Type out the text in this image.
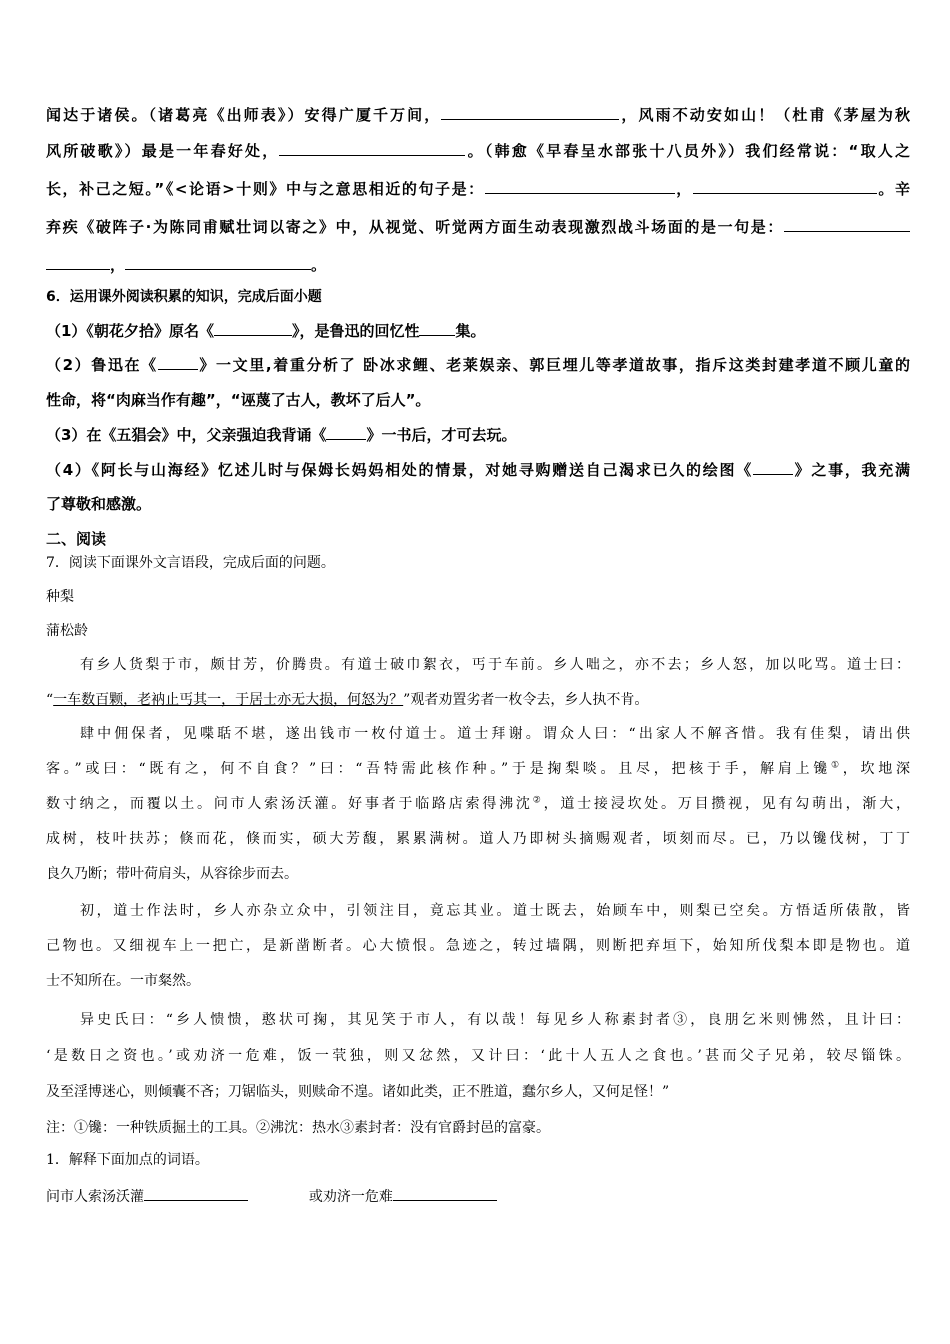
闻达于诸侯。（诸葛亮《出师表》）安得广厦千万间，	，风雨不动安如山！（杜甫《茅屋为秋
风所破歌》）最是一年春好处，	。（韩愈《早春呈水部张十八员外》）我们经常说：“取人之
长，补己之短。”《<论语>十则》中与之意思相近的句子是：	，	。辛
弃疾《破阵子·为陈同甫赋壮词以寄之》中，从视觉、听觉两方面生动表现激烈战斗场面的是一句是：
，	。
6．运用课外阅读积累的知识，完成后面小题
（1）《朝花夕拾》原名《	》，是鲁迅的回忆性 集。
（2）鲁迅在《	》一文里,着重分析了 卧冰求鲤、老莱娱亲、郭巨埋儿等孝道故事，指斥这类封建孝道不顾儿童的
性命，将“肉麻当作有趣”，“诬蔑了古人，教坏了后人”。
（3）在《五猖会》中，父亲强迫我背诵《	》一书后，才可去玩。
（4）《阿长与山海经》忆述儿时与保姆长妈妈相处的情景，对她寻购赠送自己渴求已久的绘图《	》之事，我充满
了尊敬和感激。
二、阅读
7．阅读下面课外文言语段，完成后面的问题。
种梨
蒲松龄
有乡人货梨于市，颇甘芳，价腾贵。有道士破巾絮衣，丐于车前。乡人咄之，亦不去；乡人怒，加以叱骂。道士曰：
“一车数百颗，老衲止丐其一，于居士亦无大损，何怒为？”观者劝置劣者一枚令去，乡人执不肯。
肆中佣保者，见喋聒不堪，遂出钱市一枚付道士。道士拜谢。谓众人曰：“出家人不解吝惜。我有佳梨，请出供
客。”或曰：“既有之，何不自食？”曰：“吾特需此核作种。”于是掬梨啖。且尽，把核于手，解肩上镵①，坎地深
数寸纳之，而覆以土。问市人索汤沃灌。好事者于临路店索得沸沈②，道士接浸坎处。万目攒视，见有勾萌出，渐大，
成树，枝叶扶苏；倏而花，倏而实，硕大芳馥，累累满树。道人乃即树头摘赐观者，顷刻而尽。已，乃以镵伐树，丁丁
良久乃断；带叶荷肩头，从容徐步而去。
初，道士作法时，乡人亦杂立众中，引领注目，竟忘其业。道士既去，始顾车中，则梨已空矣。方悟适所俵散，皆
己物也。又细视车上一把亡，是新凿断者。心大愤恨。急迹之，转过墙隅，则断把弃垣下，始知所伐梨本即是物也。道
士不知所在。一市粲然。
异史氏曰：“乡人愦愦，憨状可掬，其见笑于市人，有以哉！每见乡人称素封者③，良朋乞米则怫然，且计曰：
‘是数日之资也。’或劝济一危难，饭一茕独，则又忿然，又计曰：‘此十人五人之食也。’甚而父子兄弟，较尽锱铢。
及至淫博迷心，则倾囊不吝；刀锯临头，则赎命不遑。诸如此类，正不胜道，蠢尔乡人，又何足怪！”
注：①镵：一种铁质掘土的工具。②沸沈：热水③素封者：没有官爵封邑的富豪。
1．解释下面加点的词语。
问市人索汤沃灌	或劝济一危难
